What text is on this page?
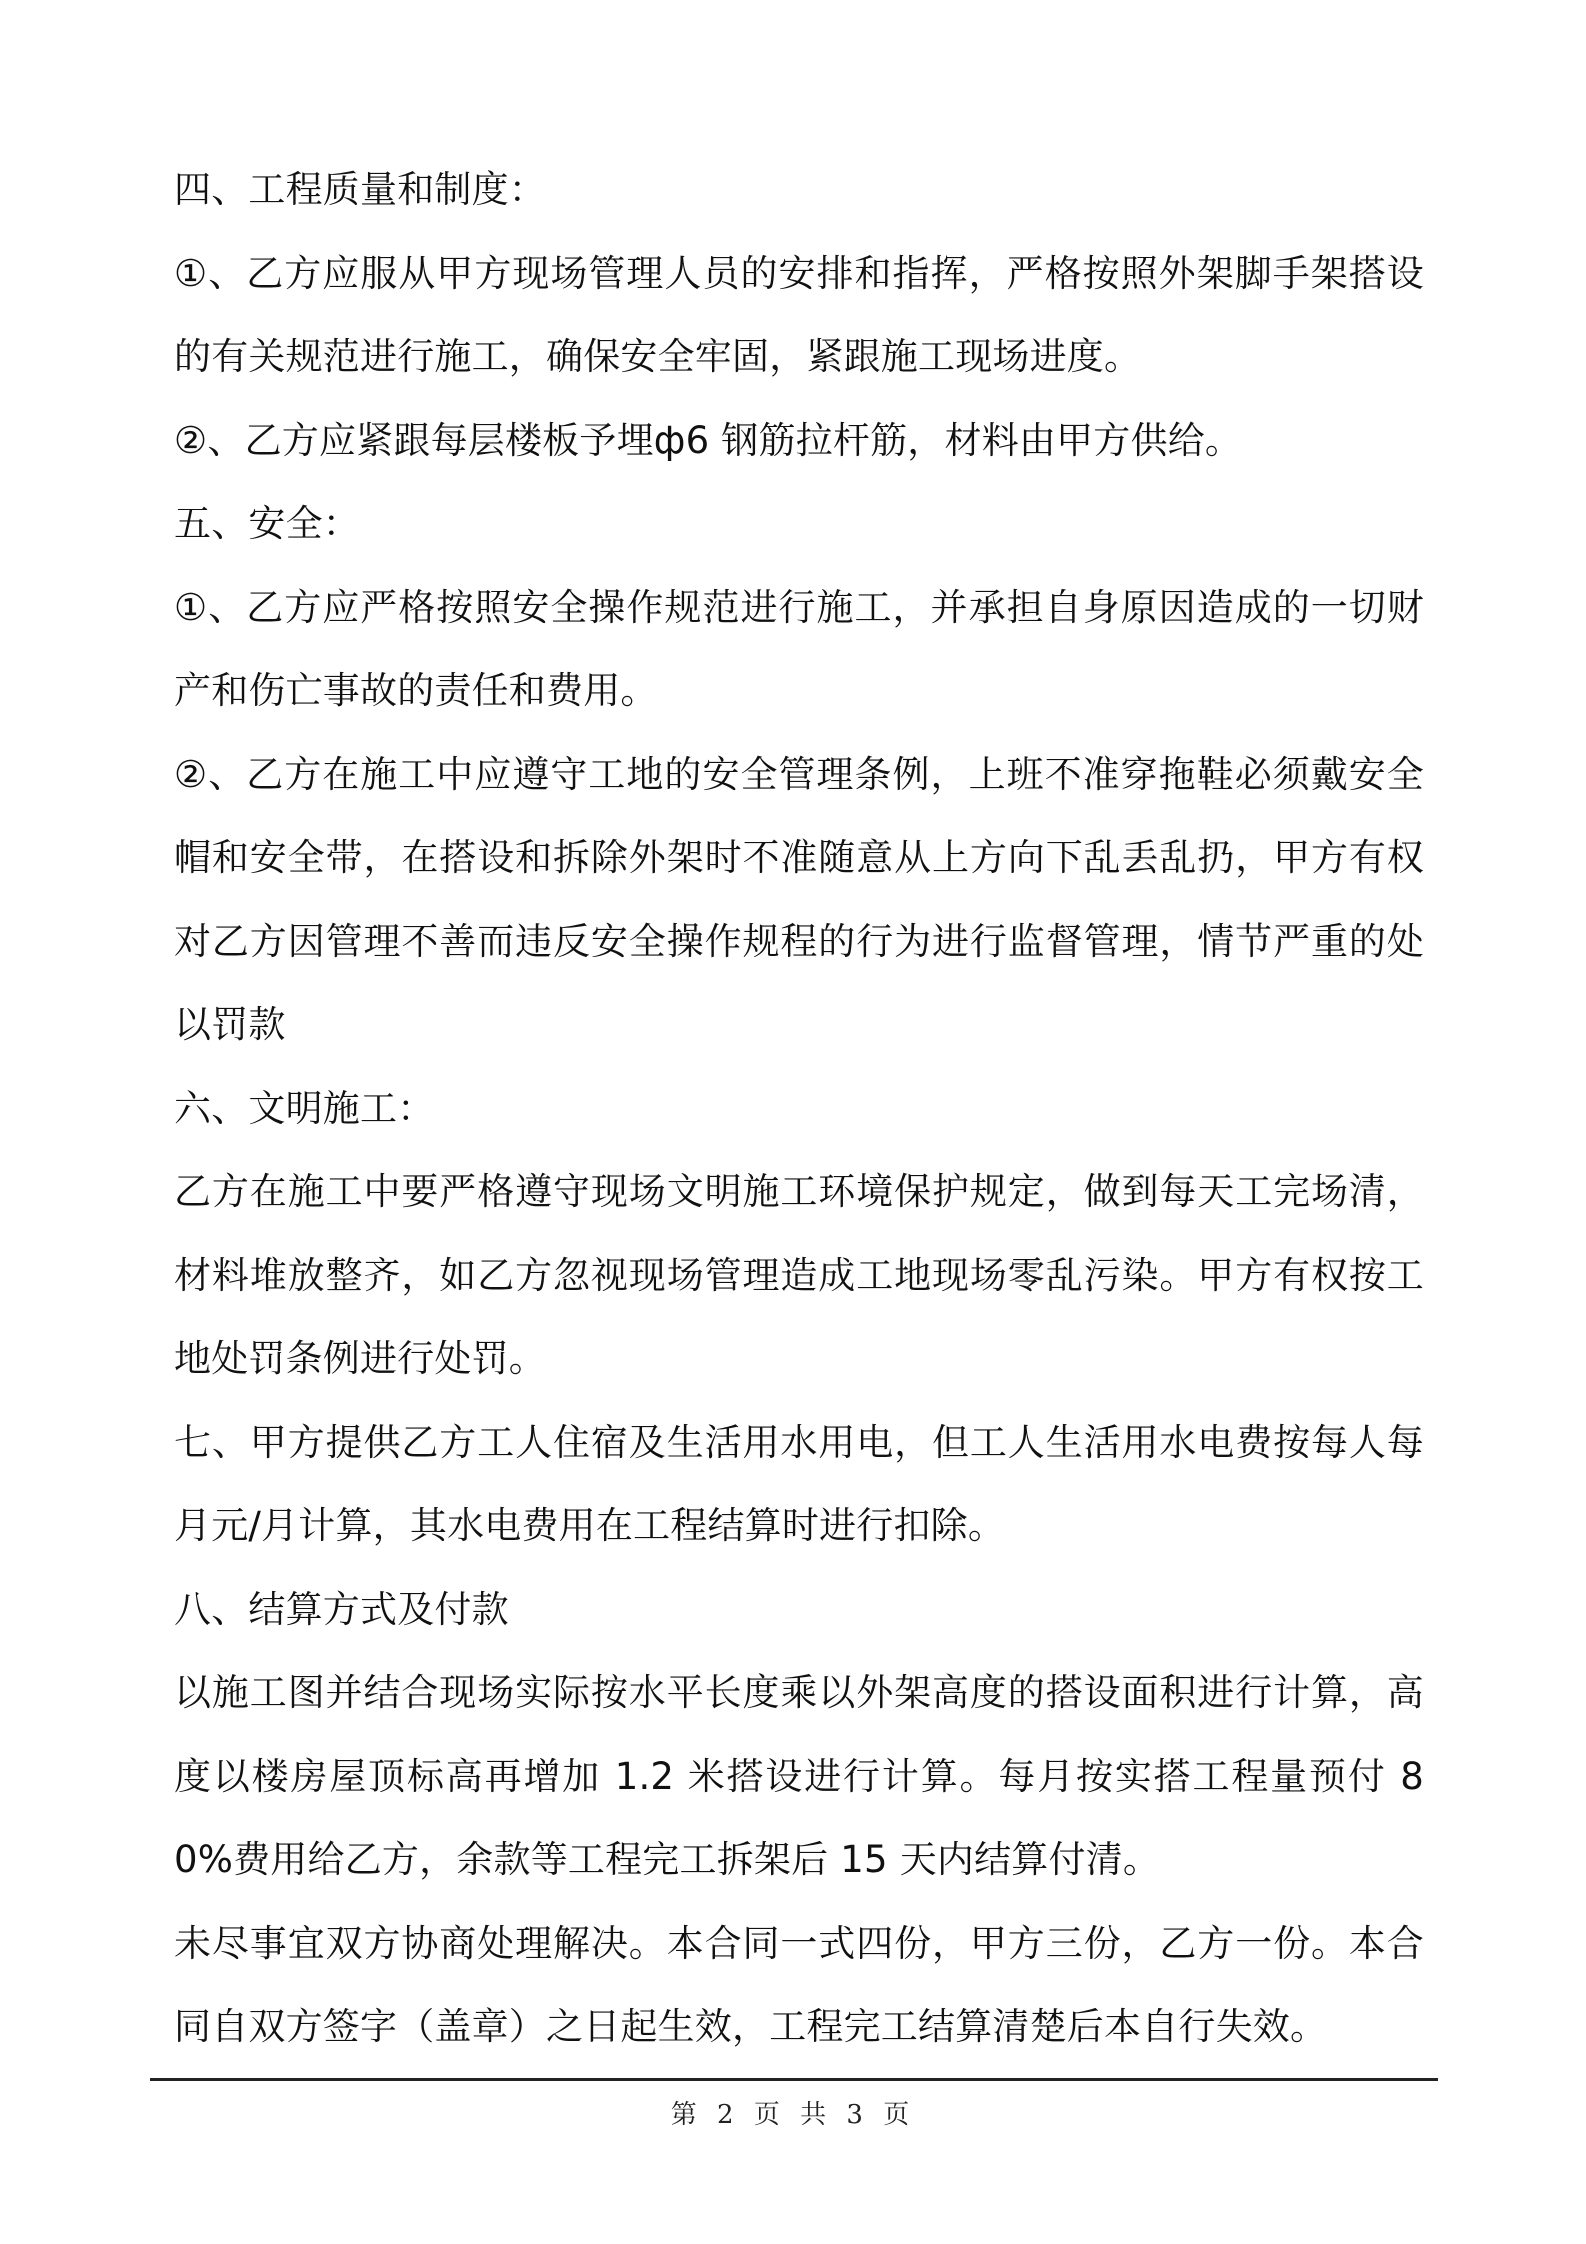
四、工程质量和制度：

①、乙方应服从甲方现场管理人员的安排和指挥，严格按照外架脚手架搭设的有关规范进行施工，确保安全牢固，紧跟施工现场进度。

②、乙方应紧跟每层楼板予埋ф6 钢筋拉杆筋，材料由甲方供给。

五、安全：

①、乙方应严格按照安全操作规范进行施工，并承担自身原因造成的一切财产和伤亡事故的责任和费用。

②、乙方在施工中应遵守工地的安全管理条例，上班不准穿拖鞋必须戴安全帽和安全带，在搭设和拆除外架时不准随意从上方向下乱丢乱扔，甲方有权对乙方因管理不善而违反安全操作规程的行为进行监督管理，情节严重的处以罚款

六、文明施工：

乙方在施工中要严格遵守现场文明施工环境保护规定，做到每天工完场清，材料堆放整齐，如乙方忽视现场管理造成工地现场零乱污染。甲方有权按工地处罚条例进行处罚。

七、甲方提供乙方工人住宿及生活用水用电，但工人生活用水电费按每人每月元/月计算，其水电费用在工程结算时进行扣除。

八、结算方式及付款

以施工图并结合现场实际按水平长度乘以外架高度的搭设面积进行计算，高度以楼房屋顶标高再增加 1.2 米搭设进行计算。每月按实搭工程量预付 80%费用给乙方，余款等工程完工拆架后 15 天内结算付清。

未尽事宜双方协商处理解决。本合同一式四份，甲方三份，乙方一份。本合同自双方签字（盖章）之日起生效，工程完工结算清楚后本自行失效。

第 2 页 共 3 页
